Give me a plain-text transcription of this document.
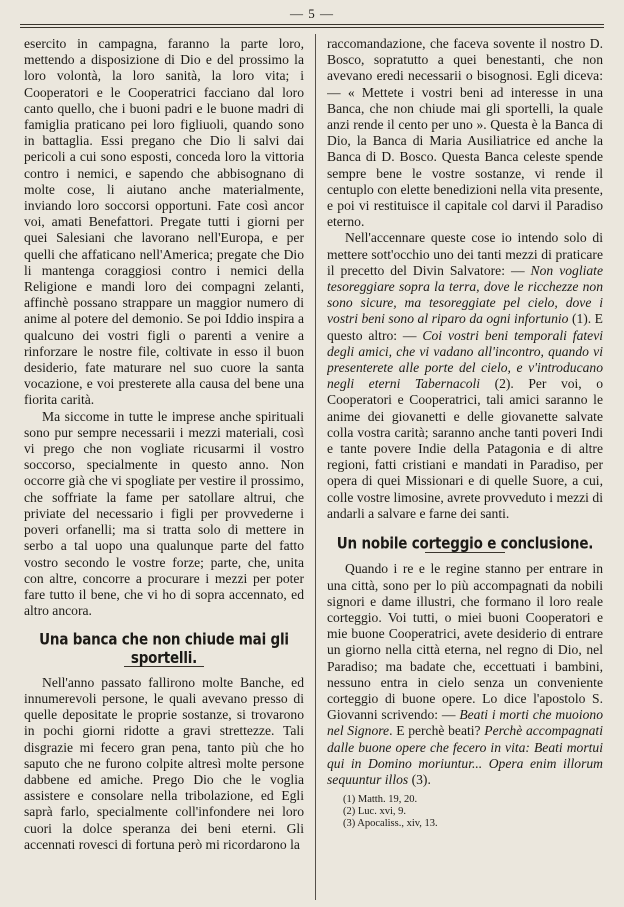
— 5 —

esercito in campagna, faranno la parte loro, mettendo a disposizione di Dio e del prossimo la loro volontà, la loro sanità, la loro vita; i Cooperatori e le Cooperatrici facciano dal loro canto quello, che i buoni padri e le buone madri di famiglia praticano pei loro figliuoli, quando sono in battaglia. Essi pregano che Dio li salvi dai pericoli a cui sono esposti, conceda loro la vittoria contro i nemici, e sapendo che abbisognano di molte cose, li aiutano anche materialmente, inviando loro soccorsi opportuni. Fate così ancor voi, amati Benefattori. Pregate tutti i giorni per quei Salesiani che lavorano nell'Europa, e per quelli che affaticano nell'America; pregate che Dio li mantenga coraggiosi contro i nemici della Religione e mandi loro dei compagni zelanti, affinchè possano strappare un maggior numero di anime al potere del demonio. Se poi Iddio inspira a qualcuno dei vostri figli o parenti a venire a rinforzare le nostre file, coltivate in esso il buon desiderio, fate maturare nel suo cuore la santa vocazione, e voi presterete alla causa del bene una fiorita carità.

Ma siccome in tutte le imprese anche spirituali sono pur sempre necessarii i mezzi materiali, così vi prego che non vogliate ricusarmi il vostro soccorso, specialmente in questo anno. Non occorre già che vi spogliate per vestire il prossimo, che soffriate la fame per satollare altrui, che priviate del necessario i figli per provvederne i poveri orfanelli; ma si tratta solo di mettere in serbo a tal uopo una qualunque parte del fatto vostro secondo le vostre forze; parte, che, unita con altre, concorre a procurare i mezzi per poter fare tutto il bene, che vi ho di sopra accennato, ed altro ancora.

Una banca che non chiude mai gli sportelli.

Nell'anno passato fallirono molte Banche, ed innumerevoli persone, le quali avevano presso di quelle depositate le proprie sostanze, si trovarono in pochi giorni ridotte a gravi strettezze. Tali disgrazie mi fecero gran pena, tanto più che ho saputo che ne furono colpite altresì molte persone dabbene ed amiche. Prego Dio che le voglia assistere e consolare nella tribolazione, ed Egli saprà farlo, specialmente coll'infondere nei loro cuori la dolce speranza dei beni eterni. Gli accennati rovesci di fortuna però mi ricordarono la

raccomandazione, che faceva sovente il nostro D. Bosco, sopratutto a quei benestanti, che non avevano eredi necessarii o bisognosi. Egli diceva: — « Mettete i vostri beni ad interesse in una Banca, che non chiude mai gli sportelli, la quale anzi rende il cento per uno ». Questa è la Banca di Dio, la Banca di Maria Ausiliatrice ed anche la Banca di D. Bosco. Questa Banca celeste spende sempre bene le vostre sostanze, vi rende il centuplo con elette benedizioni nella vita presente, e poi vi restituisce il capitale col darvi il Paradiso eterno.

Nell'accennare queste cose io intendo solo di mettere sott'occhio uno dei tanti mezzi di praticare il precetto del Divin Salvatore: — Non vogliate tesoreggiare sopra la terra, dove le ricchezze non sono sicure, ma tesoreggiate pel cielo, dove i vostri beni sono al riparo da ogni infortunio (1). E questo altro: — Coi vostri beni temporali fatevi degli amici, che vi vadano all'incontro, quando vi presenterete alle porte del cielo, e v'introducano negli eterni Tabernacoli (2). Per voi, o Cooperatori e Cooperatrici, tali amici saranno le anime dei giovanetti e delle giovanette salvate colla vostra carità; saranno anche tanti poveri Indi e tante povere Indie della Patagonia e di altre regioni, fatti cristiani e mandati in Paradiso, per opera di quei Missionari e di quelle Suore, a cui, colle vostre limosine, avrete provveduto i mezzi di andarli a salvare e farne dei santi.

Un nobile corteggio e conclusione.

Quando i re e le regine stanno per entrare in una città, sono per lo più accompagnati da nobili signori e dame illustri, che formano il loro reale corteggio. Voi tutti, o miei buoni Cooperatori e mie buone Cooperatrici, avete desiderio di entrare un giorno nella città eterna, nel regno di Dio, nel Paradiso; ma badate che, eccettuati i bambini, nessuno entra in cielo senza un conveniente corteggio di buone opere. Lo dice l'apostolo S. Giovanni scrivendo: — Beati i morti che muoiono nel Signore. E perchè beati? Perchè accompagnati dalle buone opere che fecero in vita: Beati mortui qui in Domino moriuntur... Opera enim illorum sequuntur illos (3).

(1) Matth. 19, 20.

(2) Luc. xvi, 9.

(3) Apocaliss., xiv, 13.
